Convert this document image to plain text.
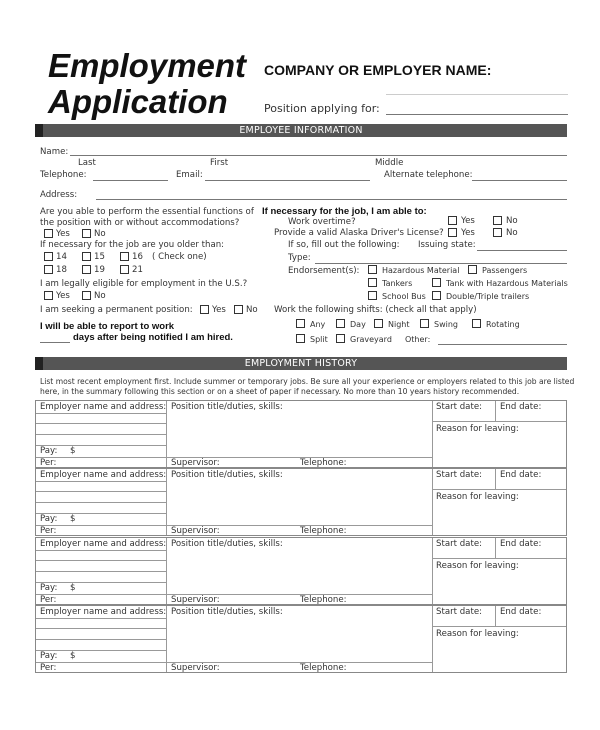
Employment
Application
COMPANY OR EMPLOYER NAME:
Position applying for:
EMPLOYEE INFORMATION
Name:
Last	First	Middle
Telephone:	Email:	Alternate telephone:
Address:
Are you able to perform the essential functions of
the position with or without accommodations?
Yes	No
If necessary for the job are you older than:
14	15	16 ( Check one)
18	19	21
I am legally eligible for employment in the U.S.?
Yes	No
I am seeking a permanent position: Yes No
I will be able to report to work
days after being notified I am hired.
If necessary for the job, I am able to:
Work overtime?	Yes	No
Provide a valid Alaska Driver's License? Yes	No
If so, fill out the following: Issuing state:
Type:
Endorsement(s):	Hazardous Material	Passengers
Tankers	Tank with Hazardous Materials
School Bus	Double/Triple trailers
Work the following shifts: (check all that apply)
Any	Day	Night	Swing	Rotating
Split	Graveyard Other:
EMPLOYMENT HISTORY
List most recent employment first. Include summer or temporary jobs. Be sure all your experience or employers related to this job are listed
here, in the summary following this section or on a sheet of paper if necessary. No more than 10 years history recommended.
Employer name and address: Position title/duties, skills:	Start date: End date:
Reason for leaving:
Pay: $
Per:	Supervisor:	Telephone:
Employer name and address: Position title/duties, skills:	Start date: End date:
Reason for leaving:
Pay: $
Per:	Supervisor:	Telephone:
Employer name and address: Position title/duties, skills:	Start date: End date:
Reason for leaving:
Pay: $
Per:	Supervisor:	Telephone:
Employer name and address: Position title/duties, skills:	Start date: End date:
Reason for leaving:
Pay: $
Per:	Supervisor:	Telephone:
